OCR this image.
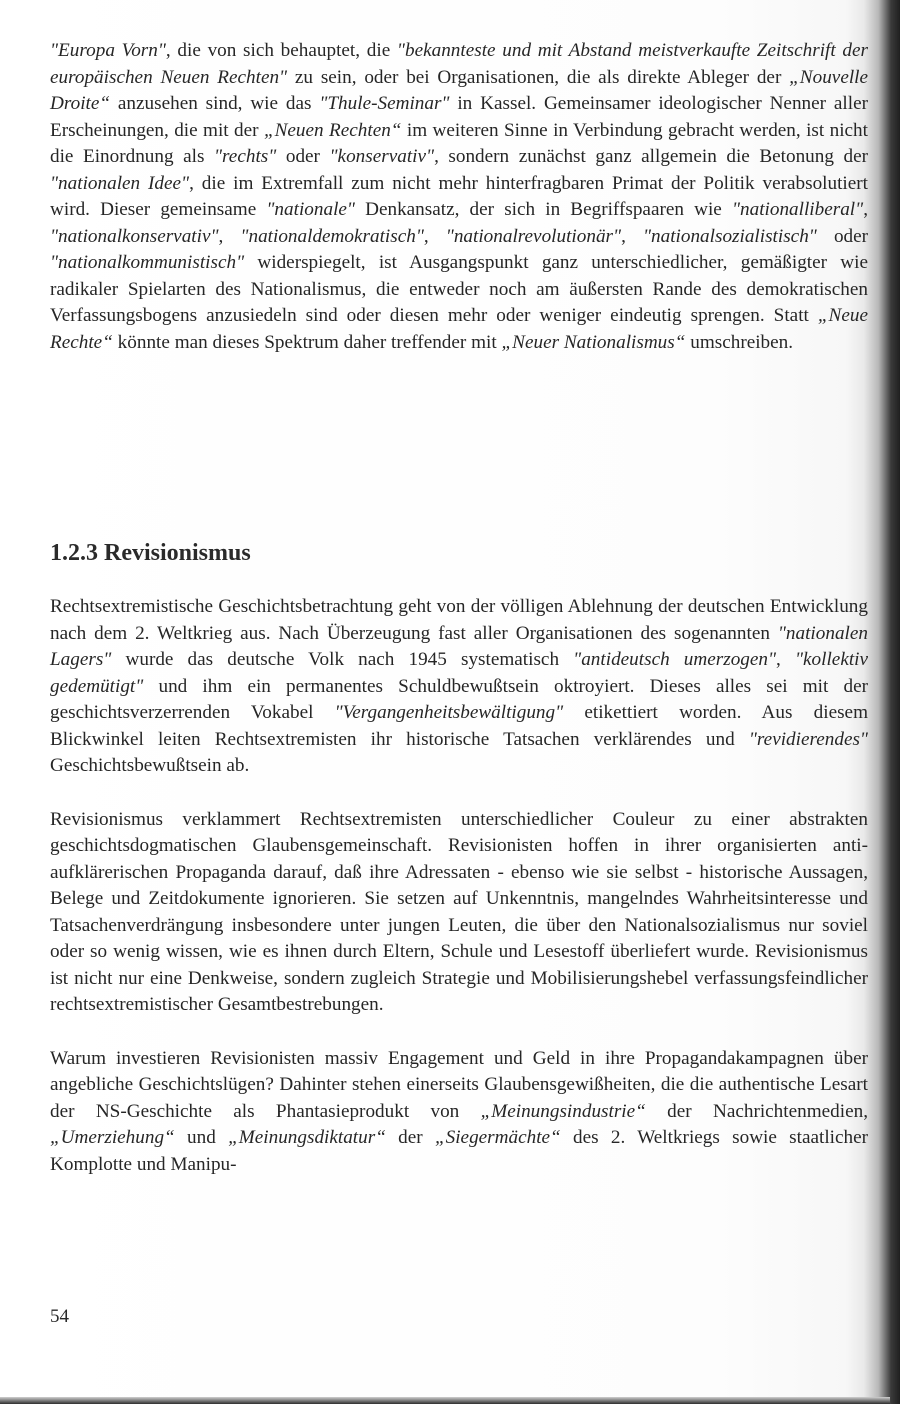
"Europa Vorn", die von sich behauptet, die "bekannteste und mit Abstand meistverkaufte Zeitschrift der europäischen Neuen Rechten" zu sein, oder bei Organisationen, die als direkte Ableger der „Nouvelle Droite“ anzusehen sind, wie das "Thule-Seminar" in Kassel. Gemeinsamer ideologischer Nenner aller Erscheinungen, die mit der „Neuen Rechten“ im weiteren Sinne in Verbindung gebracht werden, ist nicht die Einordnung als "rechts" oder "konservativ", sondern zunächst ganz allgemein die Betonung der "nationalen Idee", die im Extremfall zum nicht mehr hinterfragbaren Primat der Politik verabsolutiert wird. Dieser gemeinsame "nationale" Denkansatz, der sich in Begriffspaaren wie "nationalliberal", "nationalkonservativ", "nationaldemokratisch", "nationalrevolutionär", "nationalsozialistisch" oder "nationalkommunistisch" widerspiegelt, ist Ausgangspunkt ganz unterschiedlicher, gemäßigter wie radikaler Spielarten des Nationalismus, die entweder noch am äußersten Rande des demokratischen Verfassungsbogens anzusiedeln sind oder diesen mehr oder weniger eindeutig sprengen. Statt „Neue Rechte“ könnte man dieses Spektrum daher treffender mit „Neuer Nationalismus“ umschreiben.

1.2.3 Revisionismus

Rechtsextremistische Geschichtsbetrachtung geht von der völligen Ablehnung der deutschen Entwicklung nach dem 2. Weltkrieg aus. Nach Überzeugung fast aller Organisationen des sogenannten "nationalen Lagers" wurde das deutsche Volk nach 1945 systematisch "antideutsch umerzogen", "kollektiv gedemütigt" und ihm ein permanentes Schuldbewußtsein oktroyiert. Dieses alles sei mit der geschichtsverzerrenden Vokabel "Vergangenheitsbewältigung" etikettiert worden. Aus diesem Blickwinkel leiten Rechtsextremisten ihr historische Tatsachen verklärendes und "revidierendes" Geschichtsbewußtsein ab.

Revisionismus verklammert Rechtsextremisten unterschiedlicher Couleur zu einer abstrakten geschichtsdogmatischen Glaubensgemeinschaft. Revisionisten hoffen in ihrer organisierten anti-aufklärerischen Propaganda darauf, daß ihre Adressaten - ebenso wie sie selbst - historische Aussagen, Belege und Zeitdokumente ignorieren. Sie setzen auf Unkenntnis, mangelndes Wahrheitsinteresse und Tatsachenverdrängung insbesondere unter jungen Leuten, die über den Nationalsozialismus nur soviel oder so wenig wissen, wie es ihnen durch Eltern, Schule und Lesestoff überliefert wurde. Revisionismus ist nicht nur eine Denkweise, sondern zugleich Strategie und Mobilisierungshebel verfassungsfeindlicher rechtsextremistischer Gesamtbestrebungen.

Warum investieren Revisionisten massiv Engagement und Geld in ihre Propagandakampagnen über angebliche Geschichtslügen? Dahinter stehen einerseits Glaubensgewißheiten, die die authentische Lesart der NS-Geschichte als Phantasieprodukt von „Meinungsindustrie“ der Nachrichtenmedien, „Umerziehung“ und „Meinungsdiktatur“ der „Siegermächte“ des 2. Weltkriegs sowie staatlicher Komplotte und Manipu-

54
